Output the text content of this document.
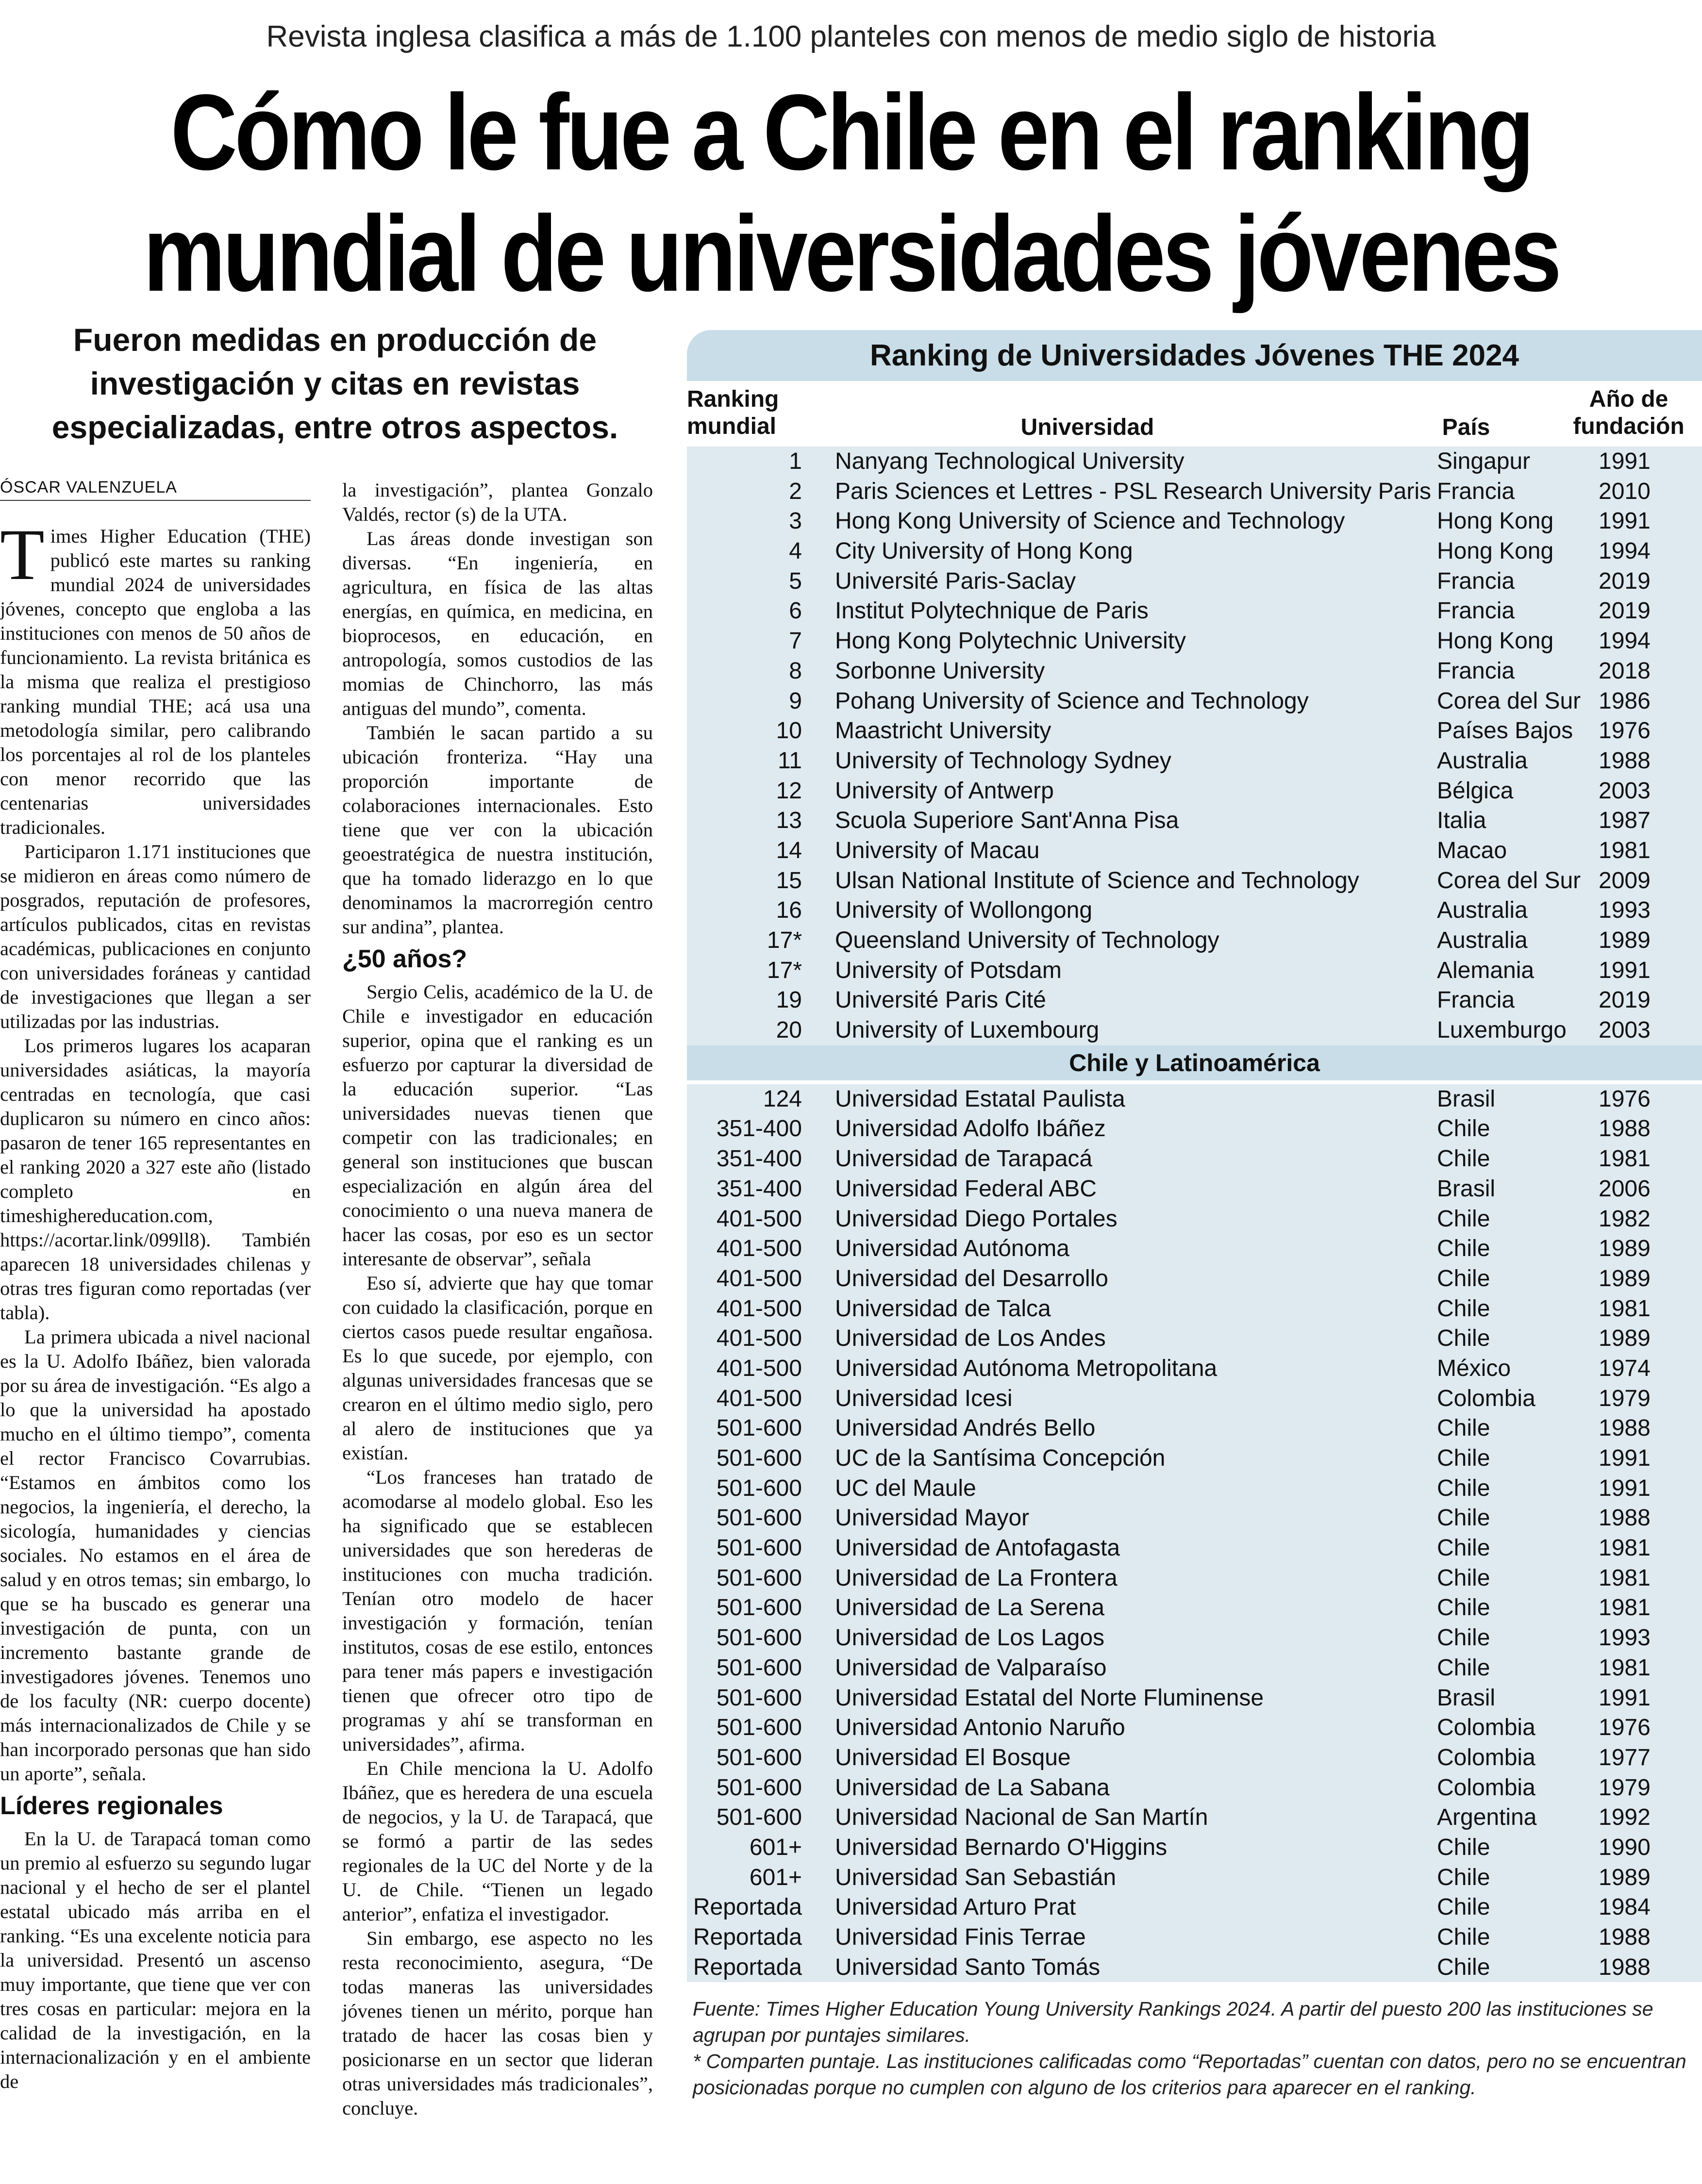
Revista inglesa clasifica a más de 1.100 planteles con menos de medio siglo de historia
Cómo le fue a Chile en el ranking
mundial de universidades jóvenes
Fueron medidas en producción de investigación y citas en revistas especializadas, entre otros aspectos.
ÓSCAR VALENZUELA

Times Higher Education (THE) publicó este martes su ranking mundial 2024 de universidades jóvenes, concepto que engloba a las instituciones con menos de 50 años de funcionamiento. La revista británica es la misma que realiza el prestigioso ranking mundial THE; acá usa una metodología similar, pero calibrando los porcentajes al rol de los planteles con menor recorrido que las centenarias universidades tradicionales.

Participaron 1.171 instituciones que se midieron en áreas como número de posgrados, reputación de profesores, artículos publicados, citas en revistas académicas, publicaciones en conjunto con universidades foráneas y cantidad de investigaciones que llegan a ser utilizadas por las industrias.

Los primeros lugares los acaparan universidades asiáticas, la mayoría centradas en tecnología, que casi duplicaron su número en cinco años: pasaron de tener 165 representantes en el ranking 2020 a 327 este año (listado completo en timeshighereducation.com, https://acortar.link/099ll8). También aparecen 18 universidades chilenas y otras tres figuran como reportadas (ver tabla).

La primera ubicada a nivel nacional es la U. Adolfo Ibáñez, bien valorada por su área de investigación. “Es algo a lo que la universidad ha apostado mucho en el último tiempo”, comenta el rector Francisco Covarrubias. “Estamos en ámbitos como los negocios, la ingeniería, el derecho, la sicología, humanidades y ciencias sociales. No estamos en el área de salud y en otros temas; sin embargo, lo que se ha buscado es generar una investigación de punta, con un incremento bastante grande de investigadores jóvenes. Tenemos uno de los faculty (NR: cuerpo docente) más internacionalizados de Chile y se han incorporado personas que han sido un aporte”, señala.

Líderes regionales

En la U. de Tarapacá toman como un premio al esfuerzo su segundo lugar nacional y el hecho de ser el plantel estatal ubicado más arriba en el ranking. “Es una excelente noticia para la universidad. Presentó un ascenso muy importante, que tiene que ver con tres cosas en particular: mejora en la calidad de la investigación, en la internacionalización y en el ambiente de

la investigación”, plantea Gonzalo Valdés, rector (s) de la UTA.

Las áreas donde investigan son diversas. “En ingeniería, en agricultura, en física de las altas energías, en química, en medicina, en bioprocesos, en educación, en antropología, somos custodios de las momias de Chinchorro, las más antiguas del mundo”, comenta.

También le sacan partido a su ubicación fronteriza. “Hay una proporción importante de colaboraciones internacionales. Esto tiene que ver con la ubicación geoestratégica de nuestra institución, que ha tomado liderazgo en lo que denominamos la macrorregión centro sur andina”, plantea.

¿50 años?

Sergio Celis, académico de la U. de Chile e investigador en educación superior, opina que el ranking es un esfuerzo por capturar la diversidad de la educación superior. “Las universidades nuevas tienen que competir con las tradicionales; en general son instituciones que buscan especialización en algún área del conocimiento o una nueva manera de hacer las cosas, por eso es un sector interesante de observar”, señala

Eso sí, advierte que hay que tomar con cuidado la clasificación, porque en ciertos casos puede resultar engañosa. Es lo que sucede, por ejemplo, con algunas universidades francesas que se crearon en el último medio siglo, pero al alero de instituciones que ya existían.

“Los franceses han tratado de acomodarse al modelo global. Eso les ha significado que se establecen universidades que son herederas de instituciones con mucha tradición. Tenían otro modelo de hacer investigación y formación, tenían institutos, cosas de ese estilo, entonces para tener más papers e investigación tienen que ofrecer otro tipo de programas y ahí se transforman en universidades”, afirma.

En Chile menciona la U. Adolfo Ibáñez, que es heredera de una escuela de negocios, y la U. de Tarapacá, que se formó a partir de las sedes regionales de la UC del Norte y de la U. de Chile. “Tienen un legado anterior”, enfatiza el investigador.

Sin embargo, ese aspecto no les resta reconocimiento, asegura, “De todas maneras las universidades jóvenes tienen un mérito, porque han tratado de hacer las cosas bien y posicionarse en un sector que lideran otras universidades más tradicionales”, concluye.

Ranking de Universidades Jóvenes THE 2024
Ranking
mundial	Universidad	País
Año de
fundación
1 Nanyang Technological University	Singapur	1991
2 Paris Sciences et Lettres - PSL Research University Paris Francia	2010
3 Hong Kong University of Science and Technology	Hong Kong 1991
4 City University of Hong Kong	Hong Kong 1994
5 Université Paris-Saclay	Francia	2019
6 Institut Polytechnique de Paris	Francia	2019
7 Hong Kong Polytechnic University	Hong Kong 1994
8 Sorbonne University	Francia	2018
9 Pohang University of Science and Technology	Corea del Sur 1986
10 Maastricht University	Países Bajos 1976
11 University of Technology Sydney	Australia	1988
12 University of Antwerp	Bélgica	2003
13 Scuola Superiore Sant'Anna Pisa	Italia	1987
14 University of Macau	Macao	1981
15 Ulsan National Institute of Science and Technology	Corea del Sur 2009
16 University of Wollongong	Australia	1993
17* Queensland University of Technology	Australia	1989
17* University of Potsdam	Alemania	1991
19 Université Paris Cité	Francia	2019
20 University of Luxembourg	Luxemburgo 2003
Chile y Latinoamérica
124 Universidad Estatal Paulista	Brasil	1976
351-400 Universidad Adolfo Ibáñez	Chile	1988
351-400 Universidad de Tarapacá	Chile	1981
351-400 Universidad Federal ABC	Brasil	2006
401-500 Universidad Diego Portales	Chile	1982
401-500 Universidad Autónoma	Chile	1989
401-500 Universidad del Desarrollo	Chile	1989
401-500 Universidad de Talca	Chile	1981
401-500 Universidad de Los Andes	Chile	1989
401-500 Universidad Autónoma Metropolitana	México	1974
401-500 Universidad Icesi	Colombia	1979
501-600 Universidad Andrés Bello	Chile	1988
501-600 UC de la Santísima Concepción	Chile	1991
501-600 UC del Maule	Chile	1991
501-600 Universidad Mayor	Chile	1988
501-600 Universidad de Antofagasta	Chile	1981
501-600 Universidad de La Frontera	Chile	1981
501-600 Universidad de La Serena	Chile	1981
501-600 Universidad de Los Lagos	Chile	1993
501-600 Universidad de Valparaíso	Chile	1981
501-600 Universidad Estatal del Norte Fluminense	Brasil	1991
501-600 Universidad Antonio Naruño	Colombia	1976
501-600 Universidad El Bosque	Colombia	1977
501-600 Universidad de La Sabana	Colombia	1979
501-600 Universidad Nacional de San Martín	Argentina	1992
601+ Universidad Bernardo O'Higgins	Chile	1990
601+ Universidad San Sebastián	Chile	1989
Reportada Universidad Arturo Prat	Chile	1984
Reportada Universidad Finis Terrae	Chile	1988
Reportada Universidad Santo Tomás	Chile	1988

Fuente: Times Higher Education Young University Rankings 2024. A partir del puesto 200 las instituciones se agrupan por puntajes similares.

* Comparten puntaje. Las instituciones calificadas como “Reportadas” cuentan con datos, pero no se encuentran posicionadas porque no cumplen con alguno de los criterios para aparecer en el ranking.
